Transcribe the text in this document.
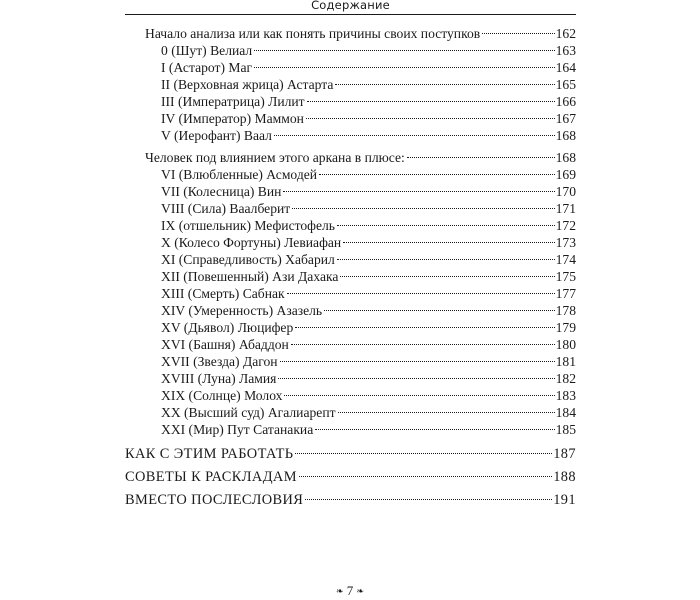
Содержание
Начало анализа или как понять причины своих поступков	162
0 (Шут) Велиал	163
I (Астарот) Маг	164
II (Верховная жрица) Астарта	165
III (Императрица) Лилит	166
IV (Император) Маммон	167
V (Иерофант) Ваал	168
Человек под влиянием этого аркана в плюсе:	168
VI (Влюбленные) Асмодей	169
VII (Колесница) Вин	170
VIII (Сила) Ваалберит	171
IX (отшельник) Мефистофель	172
X (Колесо Фортуны) Левиафан	173
XI (Справедливость) Хабарил	174
XII (Повешенный) Ази Дахака	175
XIII (Смерть) Сабнак	177
XIV (Умеренность) Азазель	178
XV (Дьявол) Люцифер	179
XVI (Башня) Абаддон	180
XVII (Звезда) Дагон	181
XVIII (Луна) Ламия	182
XIX (Солнце) Молох	183
XX (Высший суд) Агалиарепт	184
XXI (Мир) Пут Сатанакиа	185
КАК С ЭТИМ РАБОТАТЬ	187
СОВЕТЫ К РАСКЛАДАМ	188
ВМЕСТО ПОСЛЕСЛОВИЯ	191
❧ 7 ❧
